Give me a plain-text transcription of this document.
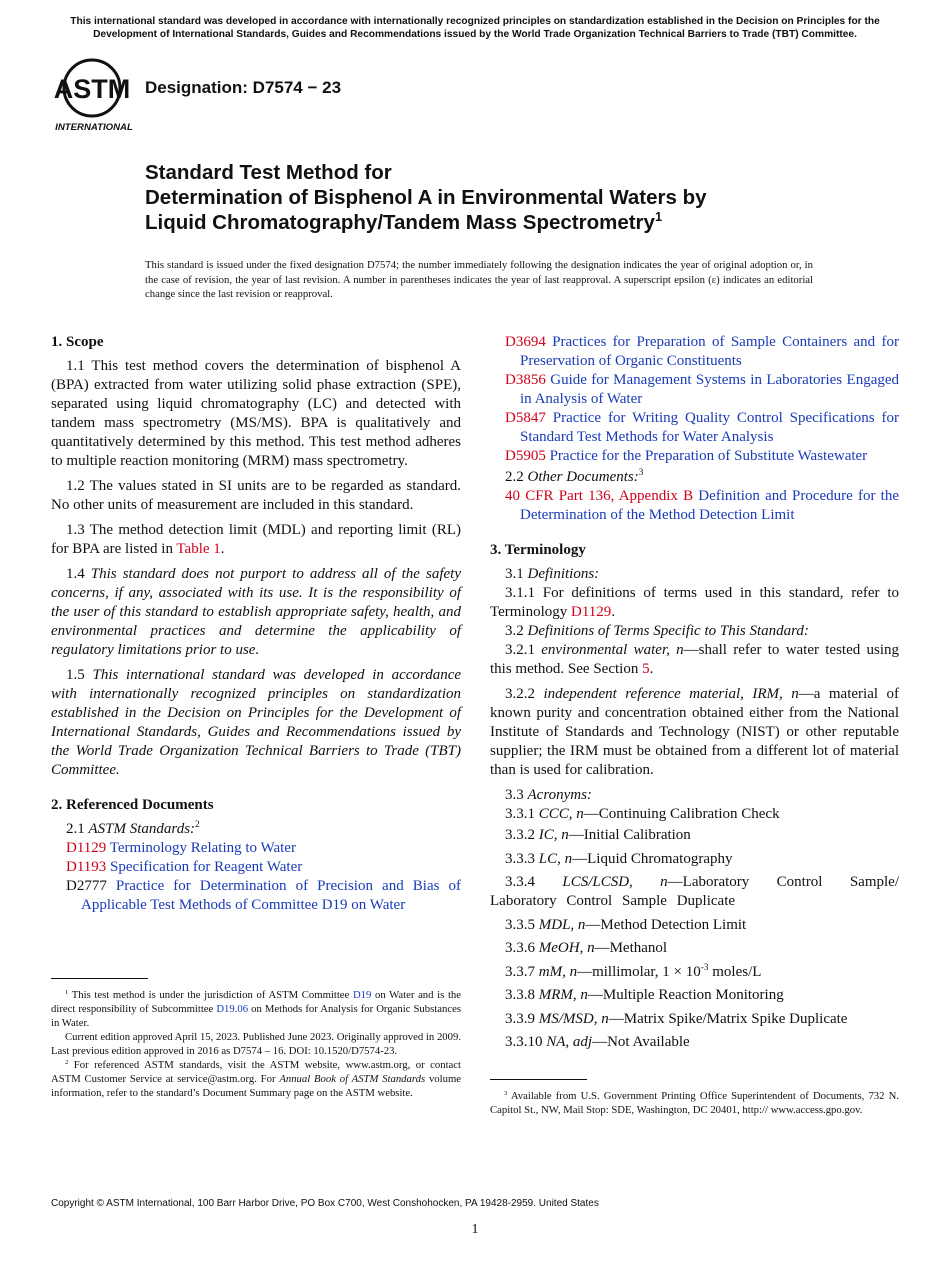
This international standard was developed in accordance with internationally recognized principles on standardization established in the Decision on Principles for the Development of International Standards, Guides and Recommendations issued by the World Trade Organization Technical Barriers to Trade (TBT) Committee.
ASTM
INTERNATIONAL
Designation: D7574 − 23
Standard Test Method for
Determination of Bisphenol A in Environmental Waters by
Liquid Chromatography/Tandem Mass Spectrometry$^1$
This standard is issued under the fixed designation D7574; the number immediately following the designation indicates the year of original adoption or, in the case of revision, the year of last revision. A number in parentheses indicates the year of last reapproval. A superscript epsilon (ε) indicates an editorial change since the last revision or reapproval.
1. Scope

1.1 This test method covers the determination of bisphenol A (BPA) extracted from water utilizing solid phase extraction (SPE), separated using liquid chromatography (LC) and detected with tandem mass spectrometry (MS/MS). BPA is qualitatively and quantitatively determined by this method. This test method adheres to multiple reaction monitoring (MRM) mass spectrometry.

1.2 The values stated in SI units are to be regarded as standard. No other units of measurement are included in this standard.

1.3 The method detection limit (MDL) and reporting limit (RL) for BPA are listed in Table 1.

1.4 This standard does not purport to address all of the safety concerns, if any, associated with its use. It is the responsibility of the user of this standard to establish appropriate safety, health, and environmental practices and determine the applicability of regulatory limitations prior to use.

1.5 This international standard was developed in accordance with internationally recognized principles on standardization established in the Decision on Principles for the Development of International Standards, Guides and Recommendations issued by the World Trade Organization Technical Barriers to Trade (TBT) Committee.

2. Referenced Documents

2.1 ASTM Standards:$^2$

D1129 Terminology Relating to Water

D1193 Specification for Reagent Water

D2777 Practice for Determination of Precision and Bias of Applicable Test Methods of Committee D19 on Water

D3694 Practices for Preparation of Sample Containers and for Preservation of Organic Constituents

D3856 Guide for Management Systems in Laboratories Engaged in Analysis of Water

D5847 Practice for Writing Quality Control Specifications for Standard Test Methods for Water Analysis

D5905 Practice for the Preparation of Substitute Wastewater

2.2 Other Documents:$^3$

40 CFR Part 136, Appendix B Definition and Procedure for the Determination of the Method Detection Limit

3. Terminology

3.1 Definitions:

3.1.1 For definitions of terms used in this standard, refer to Terminology D1129.

3.2 Definitions of Terms Specific to This Standard:

3.2.1 environmental water, n—shall refer to water tested using this method. See Section 5.

3.2.2 independent reference material, IRM, n—a material of known purity and concentration obtained either from the National Institute of Standards and Technology (NIST) or other reputable supplier; the IRM must be obtained from a different lot of material than is used for calibration.

3.3 Acronyms:

3.3.1 CCC, n—Continuing Calibration Check

3.3.2 IC, n—Initial Calibration

3.3.3 LC, n—Liquid Chromatography

3.3.4 LCS/LCSD, n—Laboratory Control Sample/ Laboratory Control Sample Duplicate

3.3.5 MDL, n—Method Detection Limit

3.3.6 MeOH, n—Methanol

3.3.7 mM, n—millimolar, $1 \times 10^{-3}$ moles/L

3.3.8 MRM, n—Multiple Reaction Monitoring

3.3.9 MS/MSD, n—Matrix Spike/Matrix Spike Duplicate

3.3.10 NA, adj—Not Available

$^1$ This test method is under the jurisdiction of ASTM Committee D19 on Water and is the direct responsibility of Subcommittee D19.06 on Methods for Analysis for Organic Substances in Water.

Current edition approved April 15, 2023. Published June 2023. Originally approved in 2009. Last previous edition approved in 2016 as D7574 – 16. DOI: 10.1520/D7574-23.

$^2$ For referenced ASTM standards, visit the ASTM website, www.astm.org, or contact ASTM Customer Service at service@astm.org. For Annual Book of ASTM Standards volume information, refer to the standard’s Document Summary page on the ASTM website.	$^3$ Available from U.S. Government Printing Office Superintendent of Documents, 732 N. Capitol St., NW, Mail Stop: SDE, Washington, DC 20401, http:// www.access.gpo.gov.

Copyright © ASTM International, 100 Barr Harbor Drive, PO Box C700, West Conshohocken, PA 19428-2959. United States
1
